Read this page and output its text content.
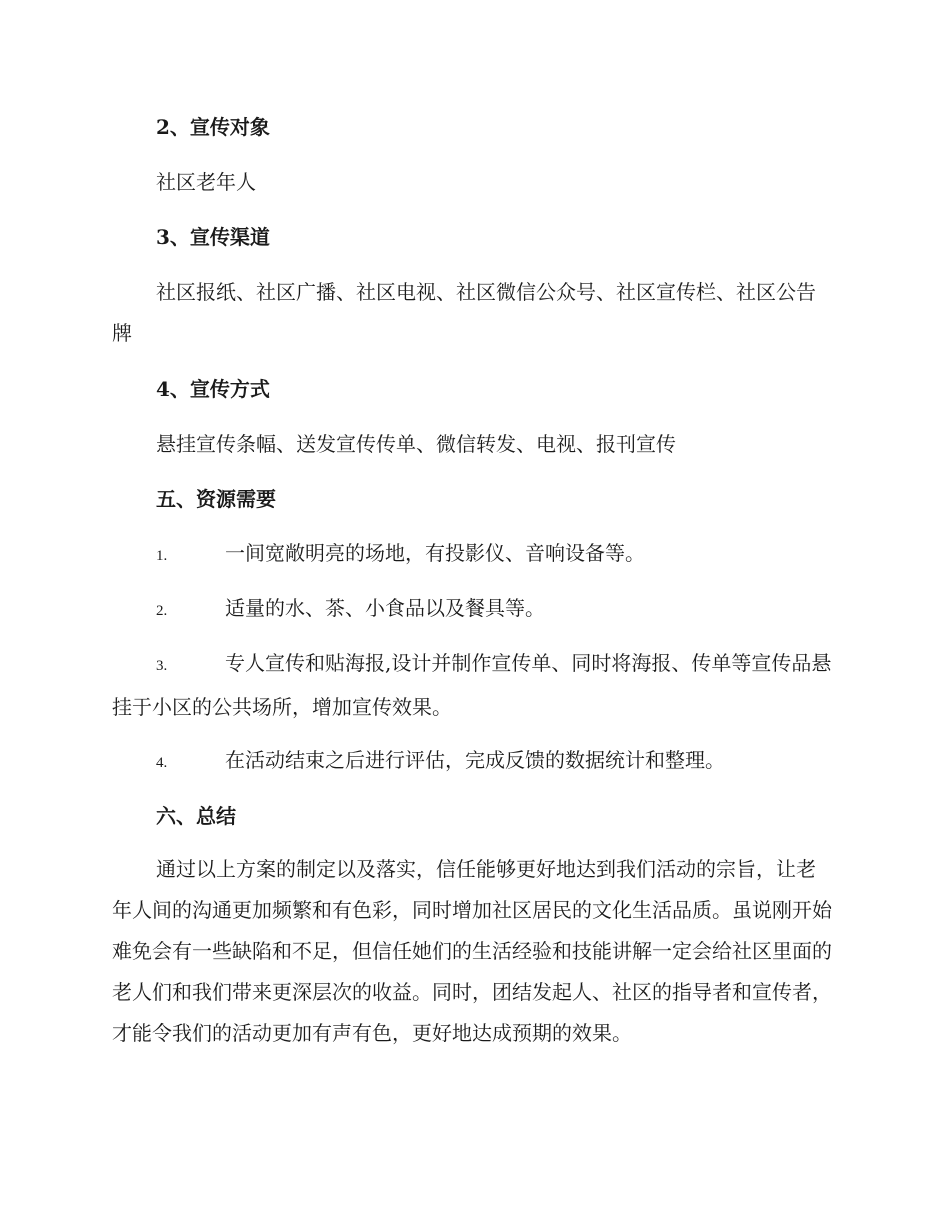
2、宣传对象
社区老年人
3、宣传渠道

社区报纸、社区广播、社区电视、社区微信公众号、社区宣传栏、社区公告牌

4、宣传方式
悬挂宣传条幅、送发宣传传单、微信转发、电视、报刊宣传
五、资源需要

1.	一间宽敞明亮的场地，有投影仪、音响设备等。

2.	适量的水、茶、小食品以及餐具等。

3.	专人宣传和贴海报,设计并制作宣传单、同时将海报、传单等宣传品悬挂于小区的公共场所，增加宣传效果。

4.	在活动结束之后进行评估，完成反馈的数据统计和整理。

六、总结

通过以上方案的制定以及落实，信任能够更好地达到我们活动的宗旨，让老年人间的沟通更加频繁和有色彩，同时增加社区居民的文化生活品质。虽说刚开始难免会有一些缺陷和不足，但信任她们的生活经验和技能讲解一定会给社区里面的老人们和我们带来更深层次的收益。同时，团结发起人、社区的指导者和宣传者，才能令我们的活动更加有声有色，更好地达成预期的效果。
